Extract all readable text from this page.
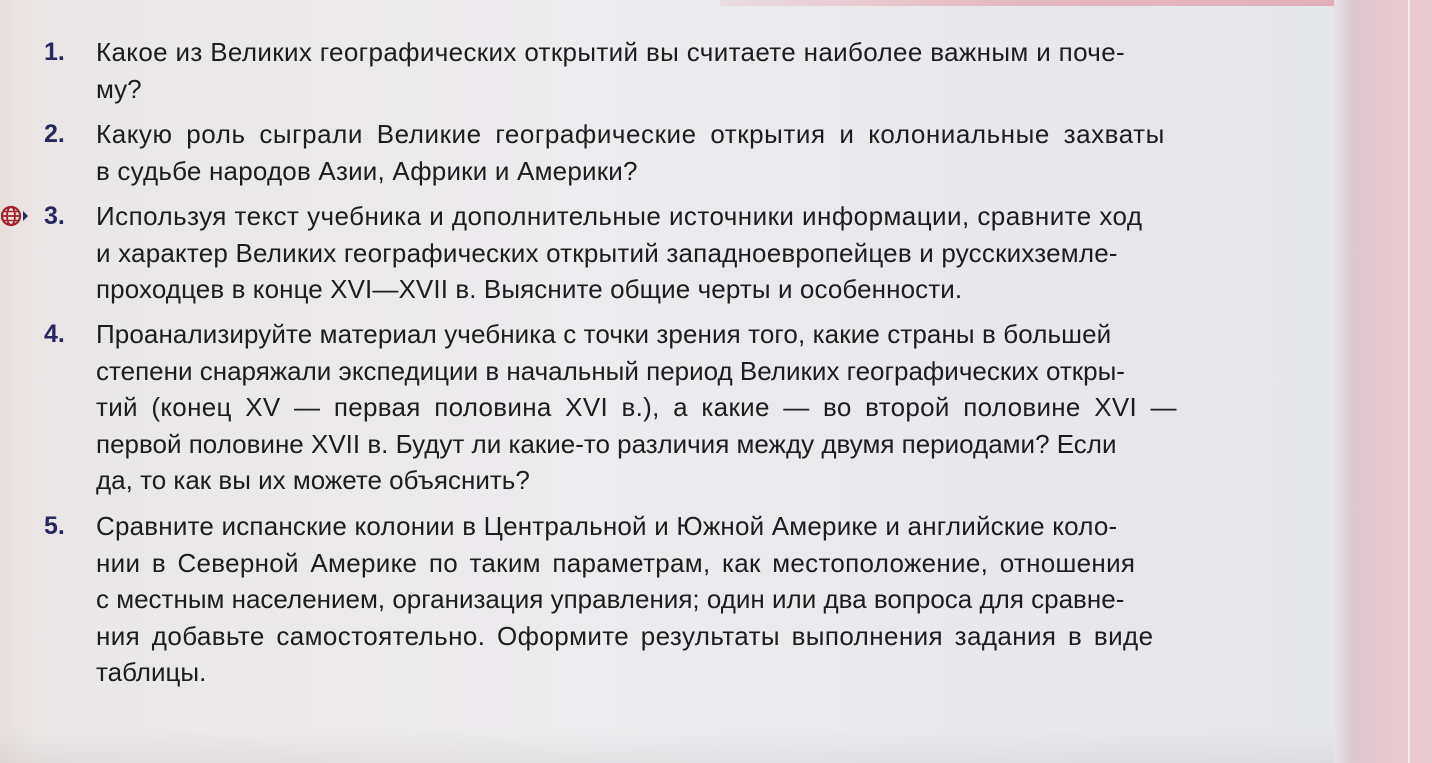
1.	Какое из Великих географических открытий вы считаете наиболее важным и поче-
му?
2.	Какую роль сыграли Великие географические открытия и колониальные захваты
в судьбе народов Азии, Африки и Америки?
3.	Используя текст учебника и дополнительные источники информации, сравните ход
и характер Великих географических открытий западноевропейцев и русскихземле-
проходцев в конце XVI—XVII в. Выясните общие черты и особенности.
4.	Проанализируйте материал учебника с точки зрения того, какие страны в большей
степени снаряжали экспедиции в начальный период Великих географических откры-
тий (конец XV — первая половина XVI в.), а какие — во второй половине XVI —
первой половине XVII в. Будут ли какие-то различия между двумя периодами? Если
да, то как вы их можете объяснить?
5.	Сравните испанские колонии в Центральной и Южной Америке и английские коло-
нии в Северной Америке по таким параметрам, как местоположение, отношения
с местным населением, организация управления; один или два вопроса для сравне-
ния добавьте самостоятельно. Оформите результаты выполнения задания в виде
таблицы.
